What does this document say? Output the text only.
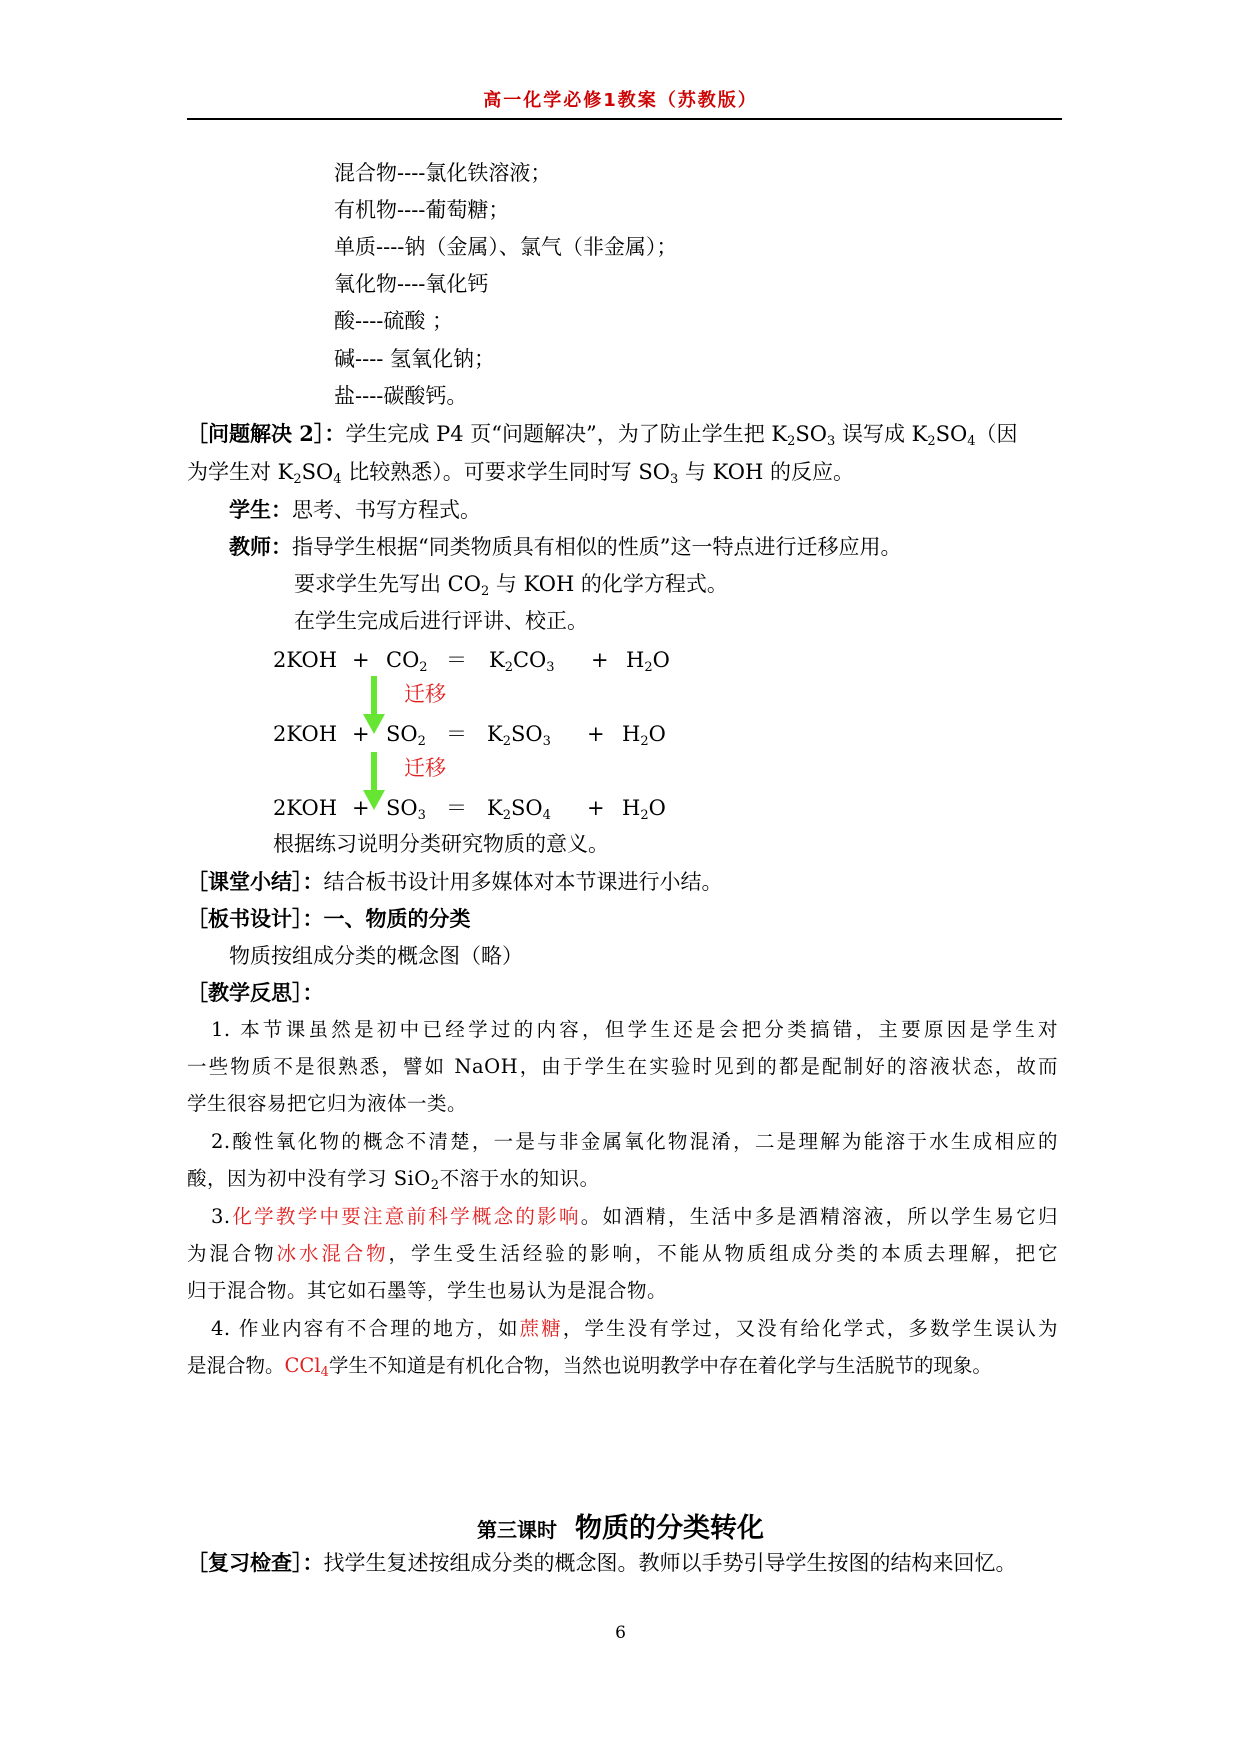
高一化学必修1教案（苏教版）
混合物----氯化铁溶液；
有机物----葡萄糖；
单质----钠（金属）、氯气（非金属）；
氧化物----氧化钙
酸----硫酸 ；
碱---- 氢氧化钠；
盐----碳酸钙。
［问题解决 2］：学生完成 P4 页“问题解决”，为了防止学生把 $K_2SO_3$ 误写成 $K_2SO_4$（因
为学生对 $K_2SO_4$ 比较熟悉）。可要求学生同时写 $SO_3$ 与 KOH 的反应。
学生：思考、书写方程式。
教师：指导学生根据“同类物质具有相似的性质”这一特点进行迁移应用。
要求学生先写出 $CO_2$ 与 KOH 的化学方程式。
在学生完成后进行评讲、校正。
$2KOH + CO_2 = K_2CO_3 + H_2O$
迁移
$2KOH + SO_2 = K_2SO_3 + H_2O$
迁移
$2KOH + SO_3 = K_2SO_4 + H_2O$
根据练习说明分类研究物质的意义。
［课堂小结］：结合板书设计用多媒体对本节课进行小结。
［板书设计］：一、物质的分类
物质按组成分类的概念图（略）
［教学反思］：
1. 本节课虽然是初中已经学过的内容，但学生还是会把分类搞错，主要原因是学生对
一些物质不是很熟悉，譬如 NaOH，由于学生在实验时见到的都是配制好的溶液状态，故而
学生很容易把它归为液体一类。
2.酸性氧化物的概念不清楚，一是与非金属氧化物混淆，二是理解为能溶于水生成相应的
酸，因为初中没有学习 SiO$_2$不溶于水的知识。
3.化学教学中要注意前科学概念的影响。如酒精，生活中多是酒精溶液，所以学生易它归
为混合物冰水混合物，学生受生活经验的影响，不能从物质组成分类的本质去理解，把它
归于混合物。其它如石墨等，学生也易认为是混合物。
4. 作业内容有不合理的地方，如蔗糖，学生没有学过，又没有给化学式，多数学生误认为
是混合物。CCl$_4$学生不知道是有机化合物，当然也说明教学中存在着化学与生活脱节的现象。
第三课时 物质的分类转化
［复习检查］：找学生复述按组成分类的概念图。教师以手势引导学生按图的结构来回忆。
6
